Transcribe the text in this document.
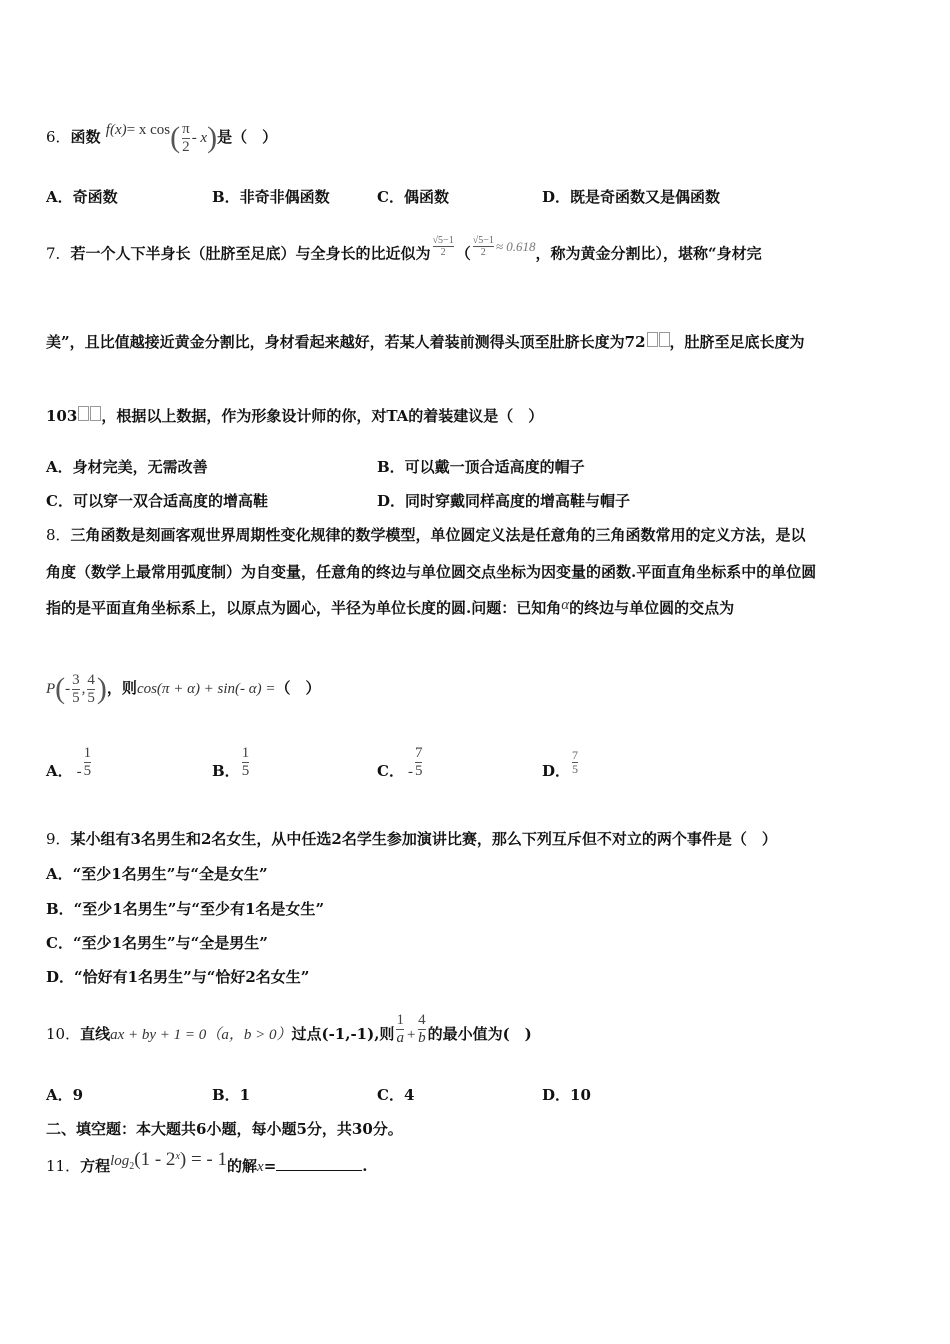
6．函数 f(x)= x $\cos( \frac{\pi}{2} - x)$是（　）
A．奇函数	B．非奇非偶函数	C．偶函数	D．既是奇函数又是偶函数
7．若一个人下半身长（肚脐至足底）与全身长的比近似为 $\frac{√5-1}{2}$ （ $\frac{√5-1}{2} \approx 0.618$，称为黄金分割比），堪称“身材完
美”，且比值越接近黄金分割比，身材看起来越好，若某人着装前测得头顶至肚脐长度为72 ，肚脐至足底长度为
103 ，根据以上数据，作为形象设计师的你，对TA的着装建议是（　）
A．身材完美，无需改善	B．可以戴一顶合适高度的帽子
C．可以穿一双合适高度的增高鞋	D．同时穿戴同样高度的增高鞋与帽子
8．三角函数是刻画客观世界周期性变化规律的数学模型，单位圆定义法是任意角的三角函数常用的定义方法，是以
角度（数学上最常用弧度制）为自变量，任意角的终边与单位圆交点坐标为因变量的函数.平面直角坐标系中的单位圆
指的是平面直角坐标系上，以原点为圆心，半径为单位长度的圆.问题：已知角α的终边与单位圆的交点为
$P(- \frac{3}{5}$ , $\frac{4}{5}$ )，则cos(π + α) + sin(- α) =（　）
A． - $\frac{1}{5}$	B． $\frac{1}{5}$	C． - $\frac{7}{5}$	D． $\frac{7}{5}$
9．某小组有3名男生和2名女生，从中任选2名学生参加演讲比赛，那么下列互斥但不对立的两个事件是（　）
A．“至少1名男生”与“全是女生”
B．“至少1名男生”与“至少有1名是女生”
C．“至少1名男生”与“全是男生”
D．“恰好有1名男生”与“恰好2名女生”
10．直线ax + by + 1 = 0（a，b > 0）过点(-1,-1),则 $\frac{1}{a} + \frac{4}{b}$ 的最小值为(　)
A．9	B．1	C．4	D．10
二、填空题：本大题共6小题，每小题5分，共30分。
11．方程$\log_2(1 - 2^x)$ = - 1的解x=	.
